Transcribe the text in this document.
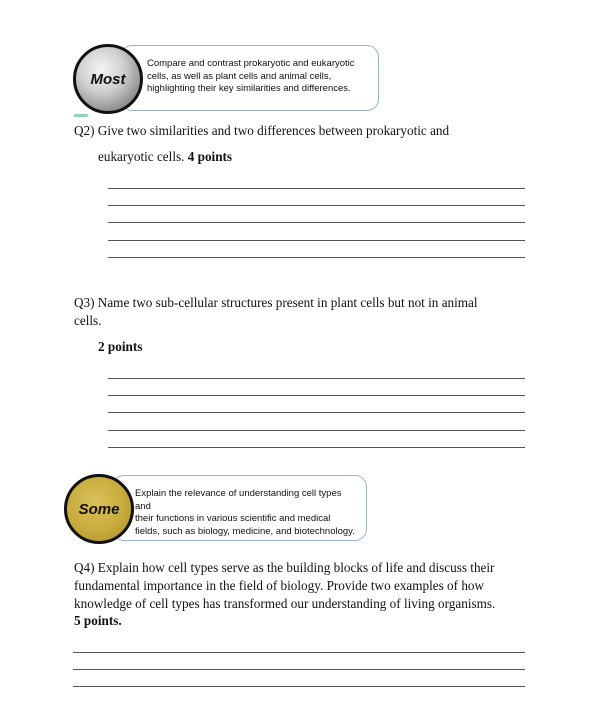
Compare and contrast prokaryotic and eukaryotic
cells, as well as plant cells and animal cells,
highlighting their key similarities and differences.
Most
Q2) Give two similarities and two differences between prokaryotic and
eukaryotic cells. 4 points
Q3) Name two sub-cellular structures present in plant cells but not in animal
cells.
2 points
Explain the relevance of understanding cell types and
their functions in various scientific and medical
fields, such as biology, medicine, and biotechnology.
Some
Q4) Explain how cell types serve as the building blocks of life and discuss their
fundamental importance in the field of biology. Provide two examples of how
knowledge of cell types has transformed our understanding of living organisms.
5 points.
